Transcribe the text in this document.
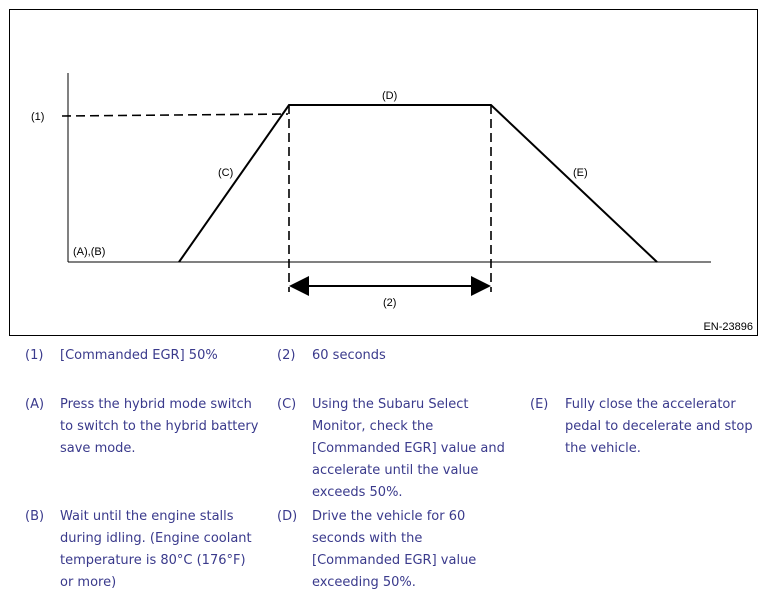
(1)
(D)
(C)	(E)
(A),(B)
(2)
EN-23896
(1) [Commanded EGR] 50%	(2) 60 seconds
(A) Press the hybrid mode switch
to switch to the hybrid battery
save mode.
(C) Using the Subaru Select
Monitor, check the
[Commanded EGR] value and
accelerate until the value
exceeds 50%.
(E) Fully close the accelerator
pedal to decelerate and stop
the vehicle.
(B) Wait until the engine stalls
during idling. (Engine coolant
temperature is 80°C (176°F)
or more)
(D) Drive the vehicle for 60
seconds with the
[Commanded EGR] value
exceeding 50%.
